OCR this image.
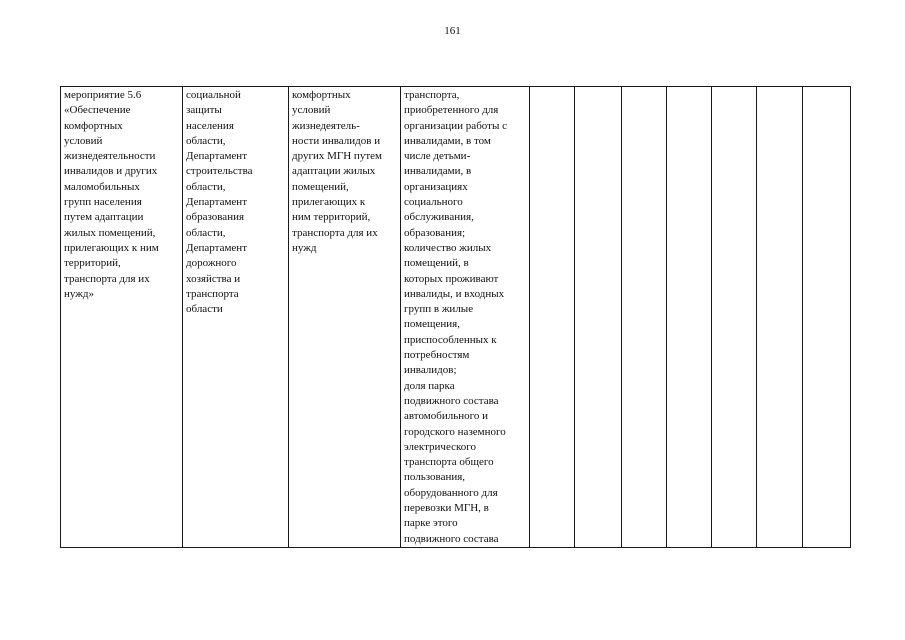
161
мероприятие 5.6
«Обеспечение
комфортных
условий
жизнедеятельности
инвалидов и других
маломобильных
групп населения
путем адаптации
жилых помещений,
прилегающих к ним
территорий,
транспорта для их
нужд»

социальной
защиты
населения
области,
Департамент
строительства
области,
Департамент
образования
области,
Департамент
дорожного
хозяйства и
транспорта
области

комфортных
условий
жизнедеятель-
ности инвалидов и
других МГН путем
адаптации жилых
помещений,
прилегающих к
ним территорий,
транспорта для их
нужд

транспорта,
приобретенного для
организации работы с
инвалидами, в том
числе детьми-
инвалидами, в
организациях
социального
обслуживания,
образования;
количество жилых
помещений, в
которых проживают
инвалиды, и входных
групп в жилые
помещения,
приспособленных к
потребностям
инвалидов;
доля парка
подвижного состава
автомобильного и
городского наземного
электрического
транспорта общего
пользования,
оборудованного для
перевозки МГН, в
парке этого
подвижного состава
